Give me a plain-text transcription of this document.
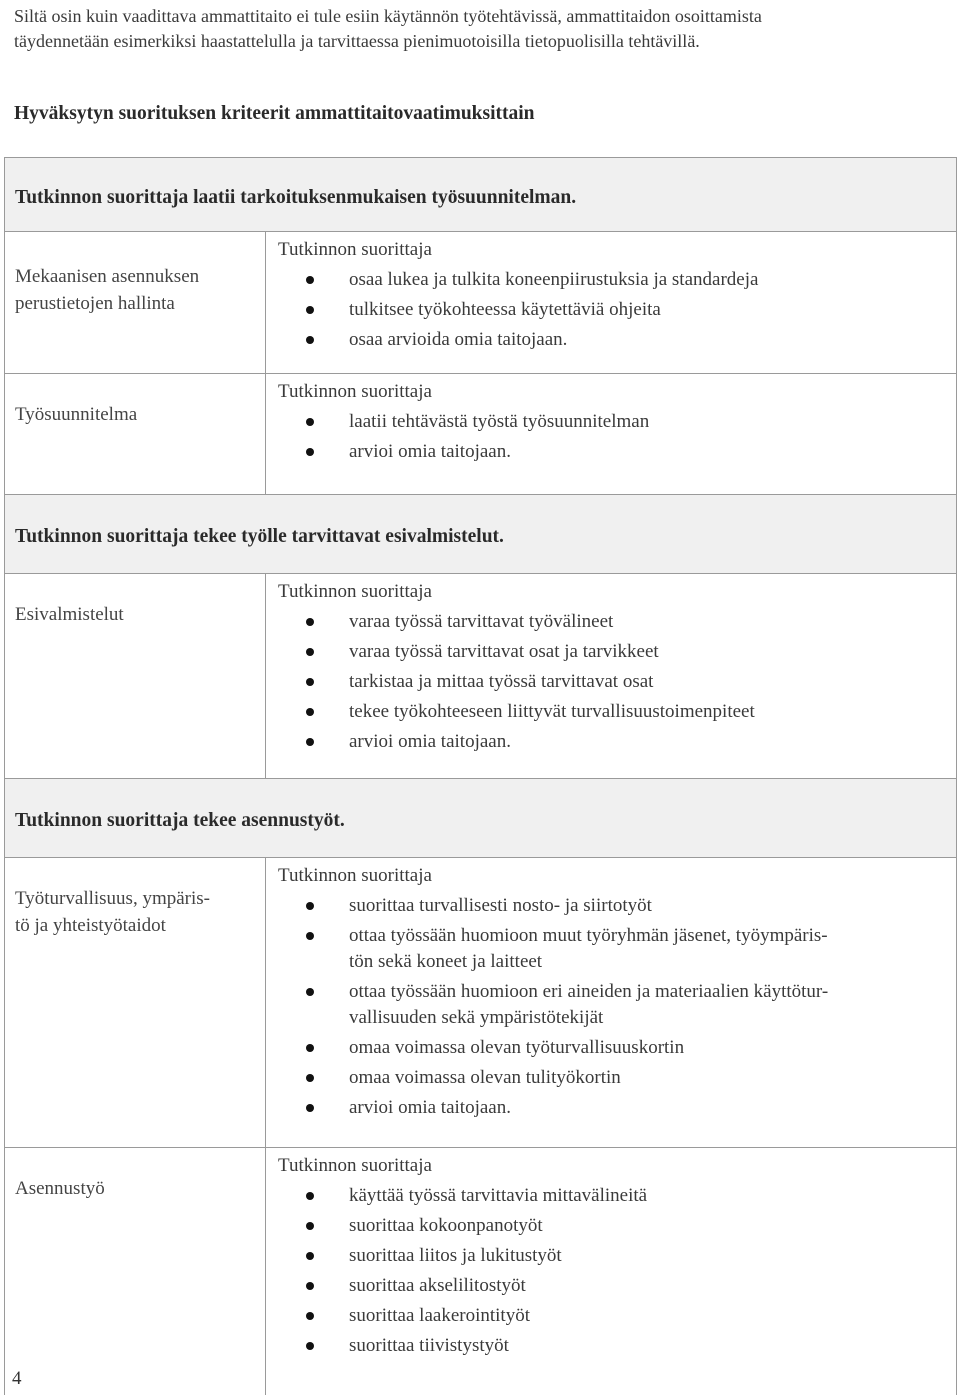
Siltä osin kuin vaadittava ammattitaito ei tule esiin käytännön työtehtävissä, ammattitaidon osoittamista
täydennetään esimerkiksi haastattelulla ja tarvittaessa pienimuotoisilla tietopuolisilla tehtävillä.
Hyväksytyn suorituksen kriteerit ammattitaitovaatimuksittain
Tutkinnon suorittaja laatii tarkoituksenmukaisen työsuunnitelman.
Mekaanisen asennuksen
perustietojen hallinta
Tutkinnon suorittaja
osaa lukea ja tulkita koneenpiirustuksia ja standardeja
tulkitsee työkohteessa käytettäviä ohjeita
osaa arvioida omia taitojaan.
Työsuunnitelma
Tutkinnon suorittaja
laatii tehtävästä työstä työsuunnitelman
arvioi omia taitojaan.
Tutkinnon suorittaja tekee työlle tarvittavat esivalmistelut.
Esivalmistelut
Tutkinnon suorittaja
varaa työssä tarvittavat työvälineet
varaa työssä tarvittavat osat ja tarvikkeet
tarkistaa ja mittaa työssä tarvittavat osat
tekee työkohteeseen liittyvät turvallisuustoimenpiteet
arvioi omia taitojaan.
Tutkinnon suorittaja tekee asennustyöt.
Työturvallisuus, ympäris-
tö ja yhteistyötaidot
Tutkinnon suorittaja
suorittaa turvallisesti nosto- ja siirtotyöt
ottaa työssään huomioon muut työryhmän jäsenet, työympäris-
tön sekä koneet ja laitteet
ottaa työssään huomioon eri aineiden ja materiaalien käyttötur-
vallisuuden sekä ympäristötekijät
omaa voimassa olevan työturvallisuuskortin
omaa voimassa olevan tulityökortin
arvioi omia taitojaan.
Asennustyö
Tutkinnon suorittaja
käyttää työssä tarvittavia mittavälineitä
suorittaa kokoonpanotyöt
suorittaa liitos ja lukitustyöt
suorittaa akselilitostyöt
suorittaa laakerointityöt
suorittaa tiivistystyöt
4
